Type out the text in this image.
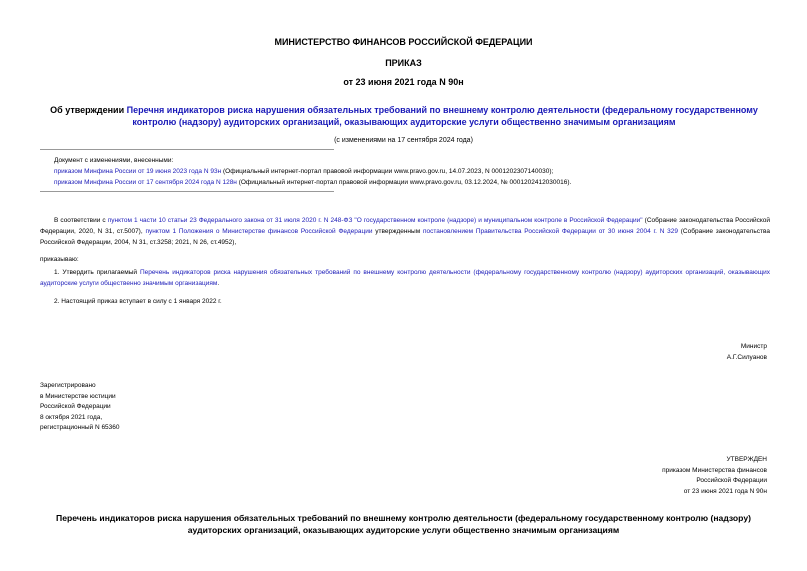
МИНИСТЕРСТВО ФИНАНСОВ РОССИЙСКОЙ ФЕДЕРАЦИИ
ПРИКАЗ
от 23 июня 2021 года N 90н
Об утверждении Перечня индикаторов риска нарушения обязательных требований по внешнему контролю деятельности (федеральному государственному контролю (надзору) аудиторских организаций, оказывающих аудиторские услуги общественно значимым организациям
(с изменениями на 17 сентября 2024 года)
Документ с изменениями, внесенными:
приказом Минфина России от 19 июня 2023 года N 93н (Официальный интернет-портал правовой информации www.pravo.gov.ru, 14.07.2023, N 0001202307140030);
приказом Минфина России от 17 сентября 2024 года N 128н (Официальный интернет-портал правовой информации www.pravo.gov.ru, 03.12.2024, № 0001202412030016).
В соответствии с пунктом 1 части 10 статьи 23 Федерального закона от 31 июля 2020 г. N 248-ФЗ "О государственном контроле (надзоре) и муниципальном контроле в Российской Федерации" (Собрание законодательства Российской Федерации, 2020, N 31, ст.5007), пунктом 1 Положения о Министерстве финансов Российской Федерации утвержденным постановлением Правительства Российской Федерации от 30 июня 2004 г. N 329 (Собрание законодательства Российской Федерации, 2004, N 31, ст.3258; 2021, N 26, ст.4952),
приказываю:
1. Утвердить прилагаемый Перечень индикаторов риска нарушения обязательных требований по внешнему контролю деятельности (федеральному государственному контролю (надзору) аудиторских организаций, оказывающих аудиторские услуги общественно значимым организациям.
2. Настоящий приказ вступает в силу с 1 января 2022 г.
Министр
А.Г.Силуанов
Зарегистрировано
в Министерстве юстиции
Российской Федерации
8 октября 2021 года,
регистрационный N 65360
УТВЕРЖДЕН
приказом Министерства финансов
Российской Федерации
от 23 июня 2021 года N 90н
Перечень индикаторов риска нарушения обязательных требований по внешнему контролю деятельности (федеральному государственному контролю (надзору)
аудиторских организаций, оказывающих аудиторские услуги общественно значимым организациям
